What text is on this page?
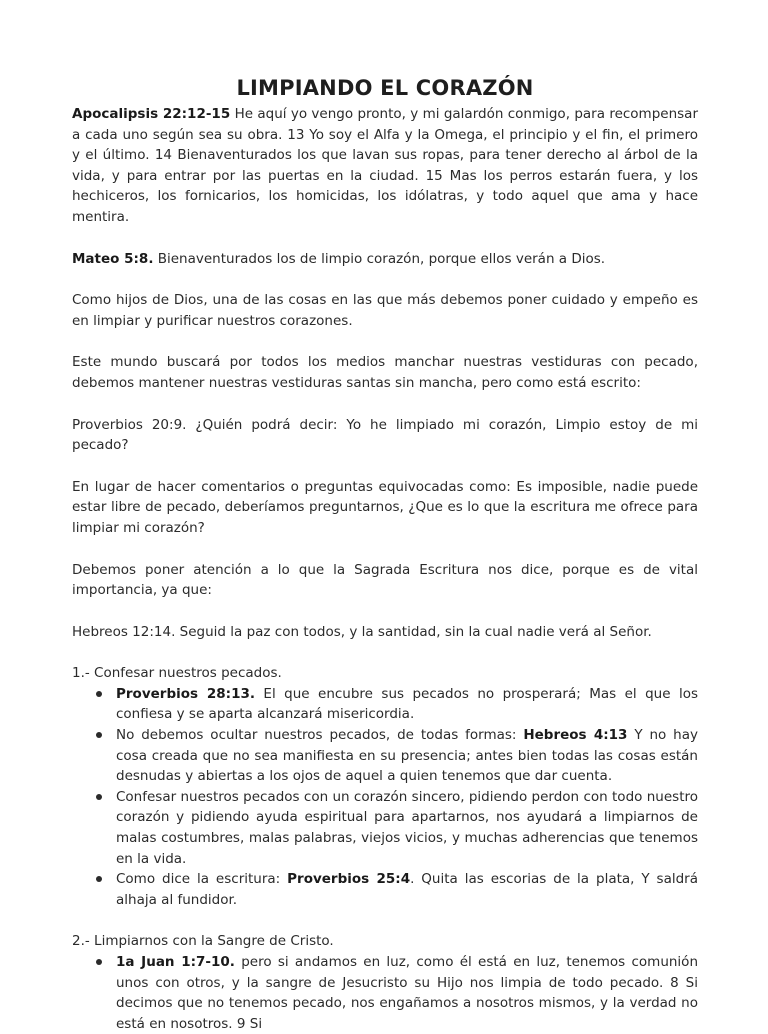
LIMPIANDO EL CORAZÓN

Apocalipsis 22:12-15 He aquí yo vengo pronto, y mi galardón conmigo, para recompensar a cada uno según sea su obra. 13 Yo soy el Alfa y la Omega, el principio y el fin, el primero y el último. 14 Bienaventurados los que lavan sus ropas, para tener derecho al árbol de la vida, y para entrar por las puertas en la ciudad. 15 Mas los perros estarán fuera, y los hechiceros, los fornicarios, los homicidas, los idólatras, y todo aquel que ama y hace mentira.

Mateo 5:8. Bienaventurados los de limpio corazón, porque ellos verán a Dios.

Como hijos de Dios, una de las cosas en las que más debemos poner cuidado y empeño es en limpiar y purificar nuestros corazones.

Este mundo buscará por todos los medios manchar nuestras vestiduras con pecado, debemos mantener nuestras vestiduras santas sin mancha, pero como está escrito:

Proverbios 20:9. ¿Quién podrá decir: Yo he limpiado mi corazón, Limpio estoy de mi pecado?

En lugar de hacer comentarios o preguntas equivocadas como: Es imposible, nadie puede estar libre de pecado, deberíamos preguntarnos, ¿Que es lo que la escritura me ofrece para limpiar mi corazón?

Debemos poner atención a lo que la Sagrada Escritura nos dice, porque es de vital importancia, ya que:

Hebreos 12:14. Seguid la paz con todos, y la santidad, sin la cual nadie verá al Señor.

1.- Confesar nuestros pecados.

Proverbios 28:13. El que encubre sus pecados no prosperará; Mas el que los confiesa y se aparta alcanzará misericordia.
No debemos ocultar nuestros pecados, de todas formas: Hebreos 4:13 Y no hay cosa creada que no sea manifiesta en su presencia; antes bien todas las cosas están desnudas y abiertas a los ojos de aquel a quien tenemos que dar cuenta.
Confesar nuestros pecados con un corazón sincero, pidiendo perdon con todo nuestro corazón y pidiendo ayuda espiritual para apartarnos, nos ayudará a limpiarnos de malas costumbres, malas palabras, viejos vicios, y muchas adherencias que tenemos en la vida.
Como dice la escritura: Proverbios 25:4. Quita las escorias de la plata, Y saldrá alhaja al fundidor.

2.- Limpiarnos con la Sangre de Cristo.

1a Juan 1:7-10. pero si andamos en luz, como él está en luz, tenemos comunión unos con otros, y la sangre de Jesucristo su Hijo nos limpia de todo pecado. 8 Si decimos que no tenemos pecado, nos engañamos a nosotros mismos, y la verdad no está en nosotros. 9 Si
